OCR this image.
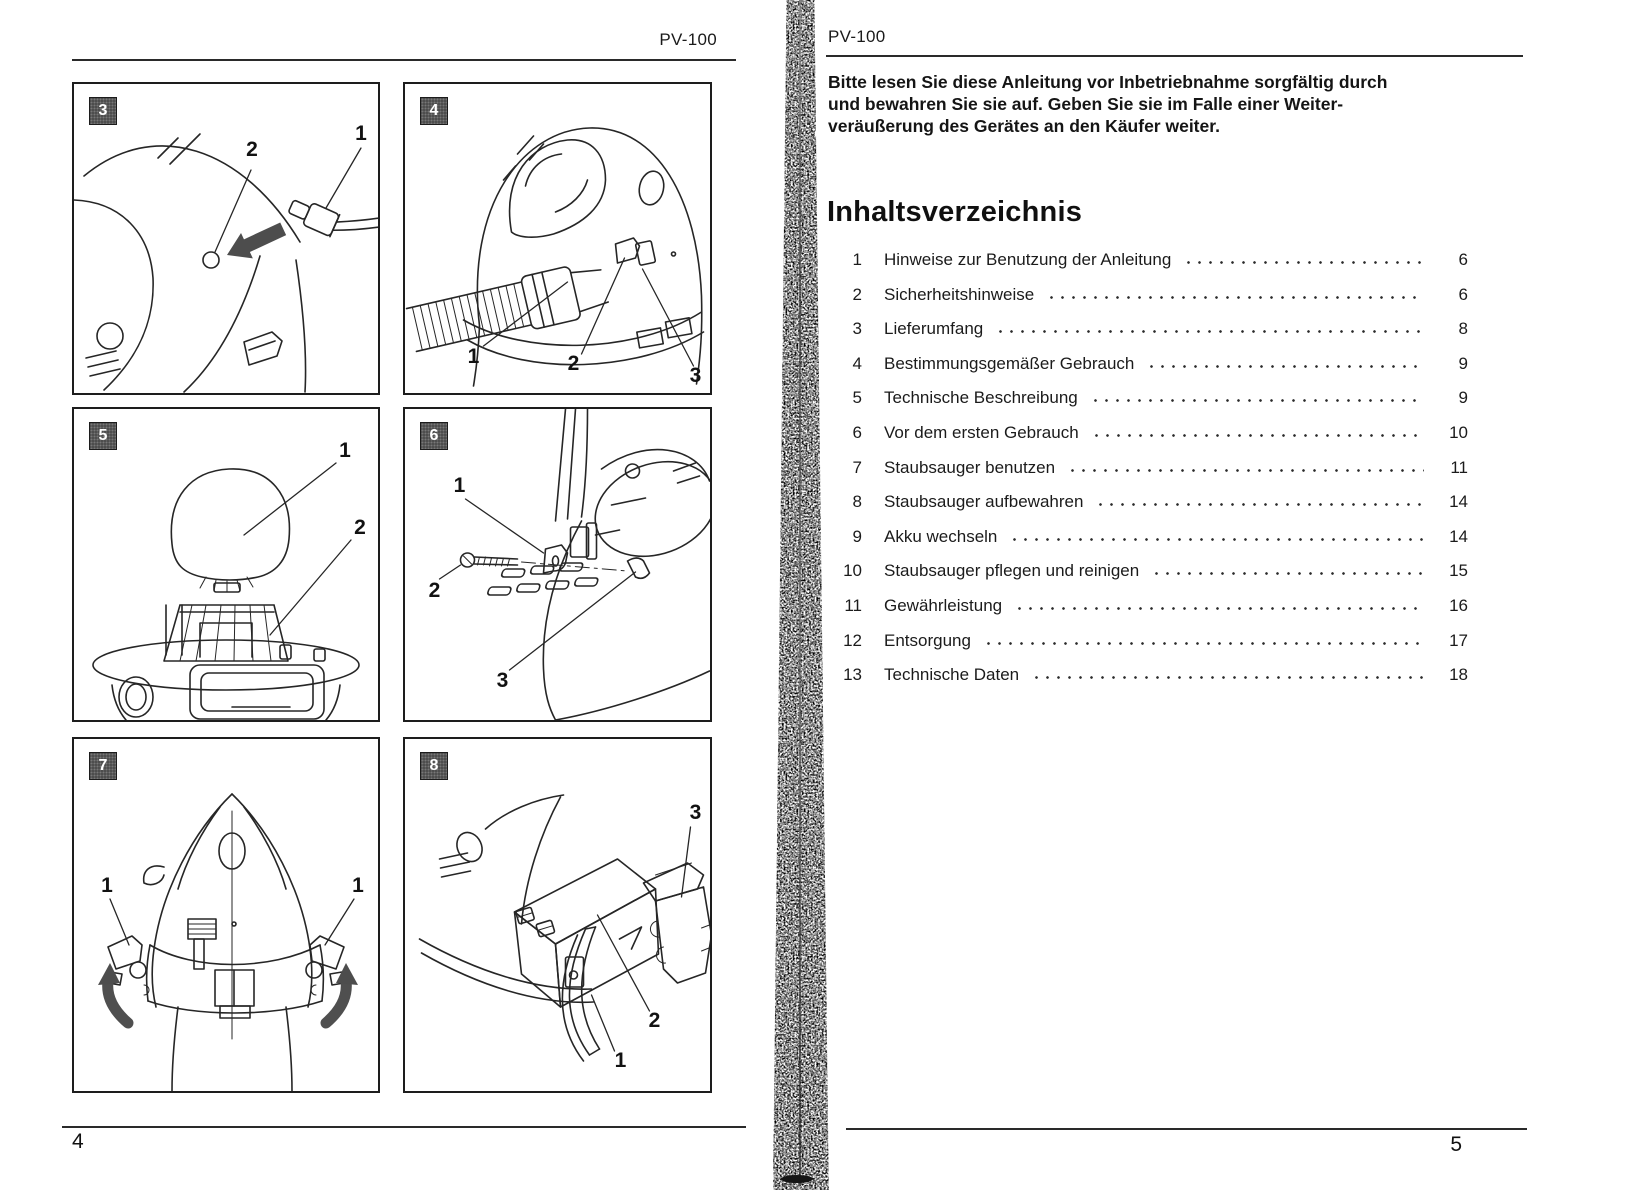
PV-100
3
1
2
4
1	2
3
5
1
2
6
1
2
3
7
1	1
8
1
2
3
4
PV-100
Bitte lesen Sie diese Anleitung vor Inbetriebnahme sorgfältig durch
und bewahren Sie sie auf. Geben Sie sie im Falle einer Weiter-
veräußerung des Gerätes an den Käufer weiter.
Inhaltsverzeichnis
1 Hinweise zur Benutzung der Anleitung	6
2 Sicherheitshinweise	6
3 Lieferumfang	8
4 Bestimmungsgemäßer Gebrauch	9
5 Technische Beschreibung	9
6 Vor dem ersten Gebrauch	10
7 Staubsauger benutzen	11
8 Staubsauger aufbewahren	14
9 Akku wechseln	14
10 Staubsauger pflegen und reinigen	15
11 Gewährleistung	16
12 Entsorgung	17
13 Technische Daten	18
5
